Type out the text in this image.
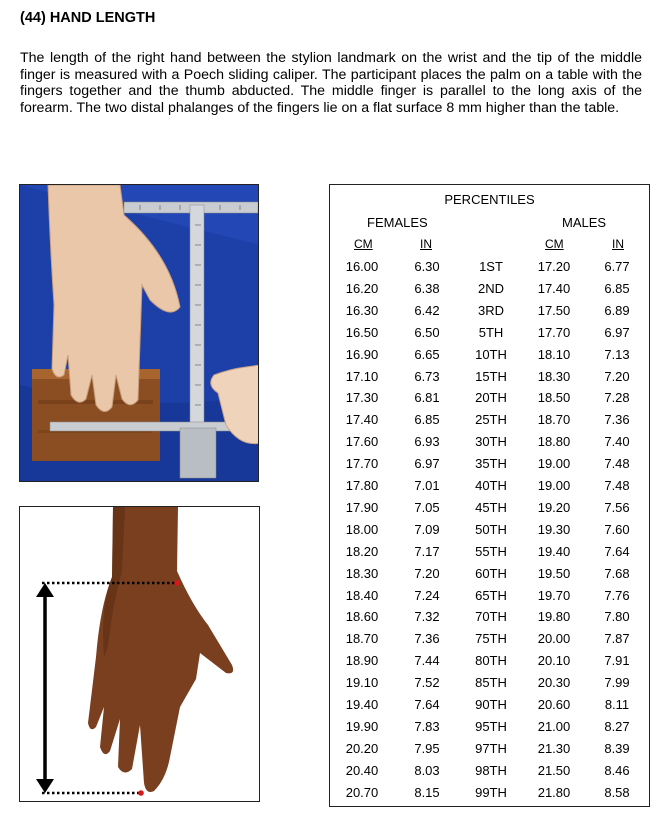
(44) HAND LENGTH
The length of the right hand between the stylion landmark on the wrist and the tip of the middle finger is measured with a Poech sliding caliper. The participant places the palm on a table with the fingers together and the thumb abducted. The middle finger is parallel to the long axis of the forearm. The two distal phalanges of the fingers lie on a flat surface 8 mm higher than the table.
PERCENTILES
FEMALES	MALES
CM	IN	CM	IN
16.00	6.30	1ST	17.20	6.77
16.20	6.38	2ND	17.40	6.85
16.30	6.42	3RD	17.50	6.89
16.50	6.50	5TH	17.70	6.97
16.90	6.65	10TH	18.10	7.13
17.10	6.73	15TH	18.30	7.20
17.30	6.81	20TH	18.50	7.28
17.40	6.85	25TH	18.70	7.36
17.60	6.93	30TH	18.80	7.40
17.70	6.97	35TH	19.00	7.48
17.80	7.01	40TH	19.00	7.48
17.90	7.05	45TH	19.20	7.56
18.00	7.09	50TH	19.30	7.60
18.20	7.17	55TH	19.40	7.64
18.30	7.20	60TH	19.50	7.68
18.40	7.24	65TH	19.70	7.76
18.60	7.32	70TH	19.80	7.80
18.70	7.36	75TH	20.00	7.87
18.90	7.44	80TH	20.10	7.91
19.10	7.52	85TH	20.30	7.99
19.40	7.64	90TH	20.60	8.11
19.90	7.83	95TH	21.00	8.27
20.20	7.95	97TH	21.30	8.39
20.40	8.03	98TH	21.50	8.46
20.70	8.15	99TH	21.80	8.58
